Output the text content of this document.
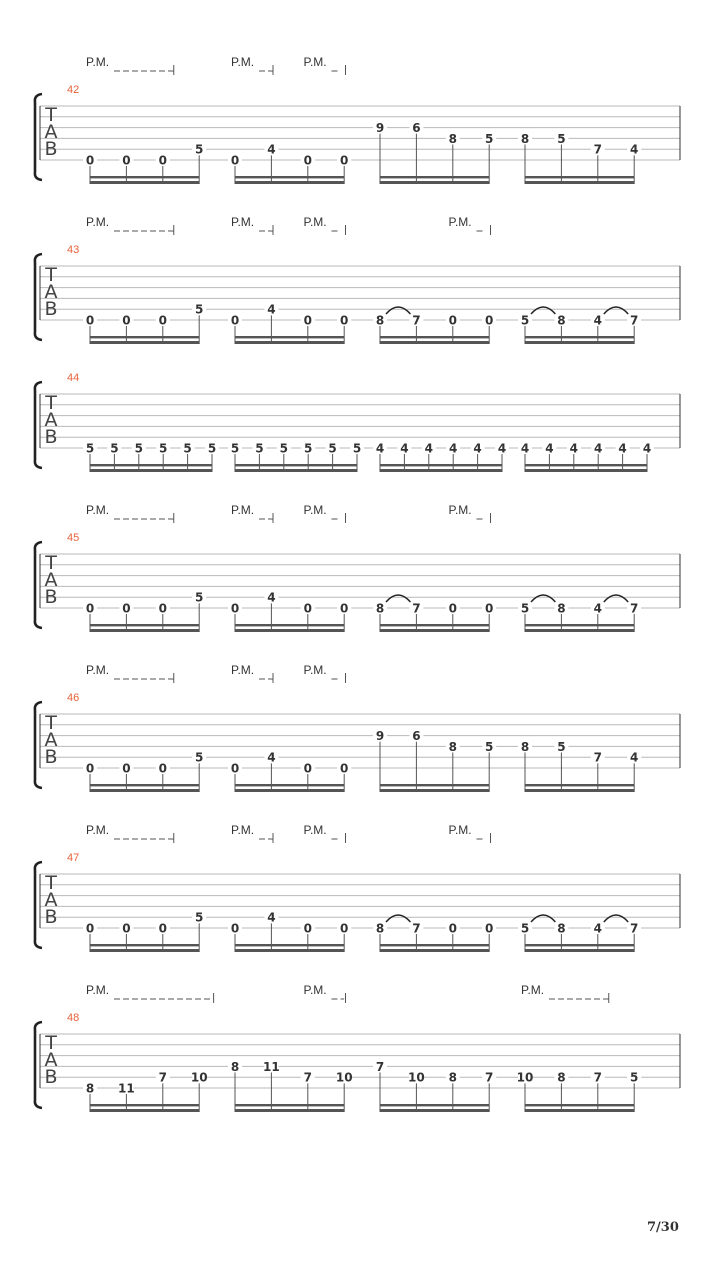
T
A
B
42
P.M.	P.M.	P.M.
0 0 0
5
0
4
0 0
9 6
8 5 8 5
7 4
T
A
B
43
P.M.	P.M.	P.M.	P.M.
0 0 0
5
0
4
0 0 8 7 0 0 5 8 4 7
T
A
B
44
5 5 5 5 5 5 5 5 5 5 5 5 4 4 4 4 4 4 4 4 4 4 4 4
T
A
B
45
P.M.	P.M.	P.M.	P.M.
0 0 0
5
0
4
0 0 8 7 0 0 5 8 4 7
T
A
B
46
P.M.	P.M.	P.M.
0 0 0
5
0
4
0 0
9 6
8 5 8 5
7 4
T
A
B
47
P.M.	P.M.	P.M.	P.M.
0 0 0
5
0
4
0 0 8 7 0 0 5 8 4 7
T
A
B
48
P.M.	P.M.	P.M.
8 11
7 10
8 11
7 10
7
10 8 7 10 8 7 5
7/30
